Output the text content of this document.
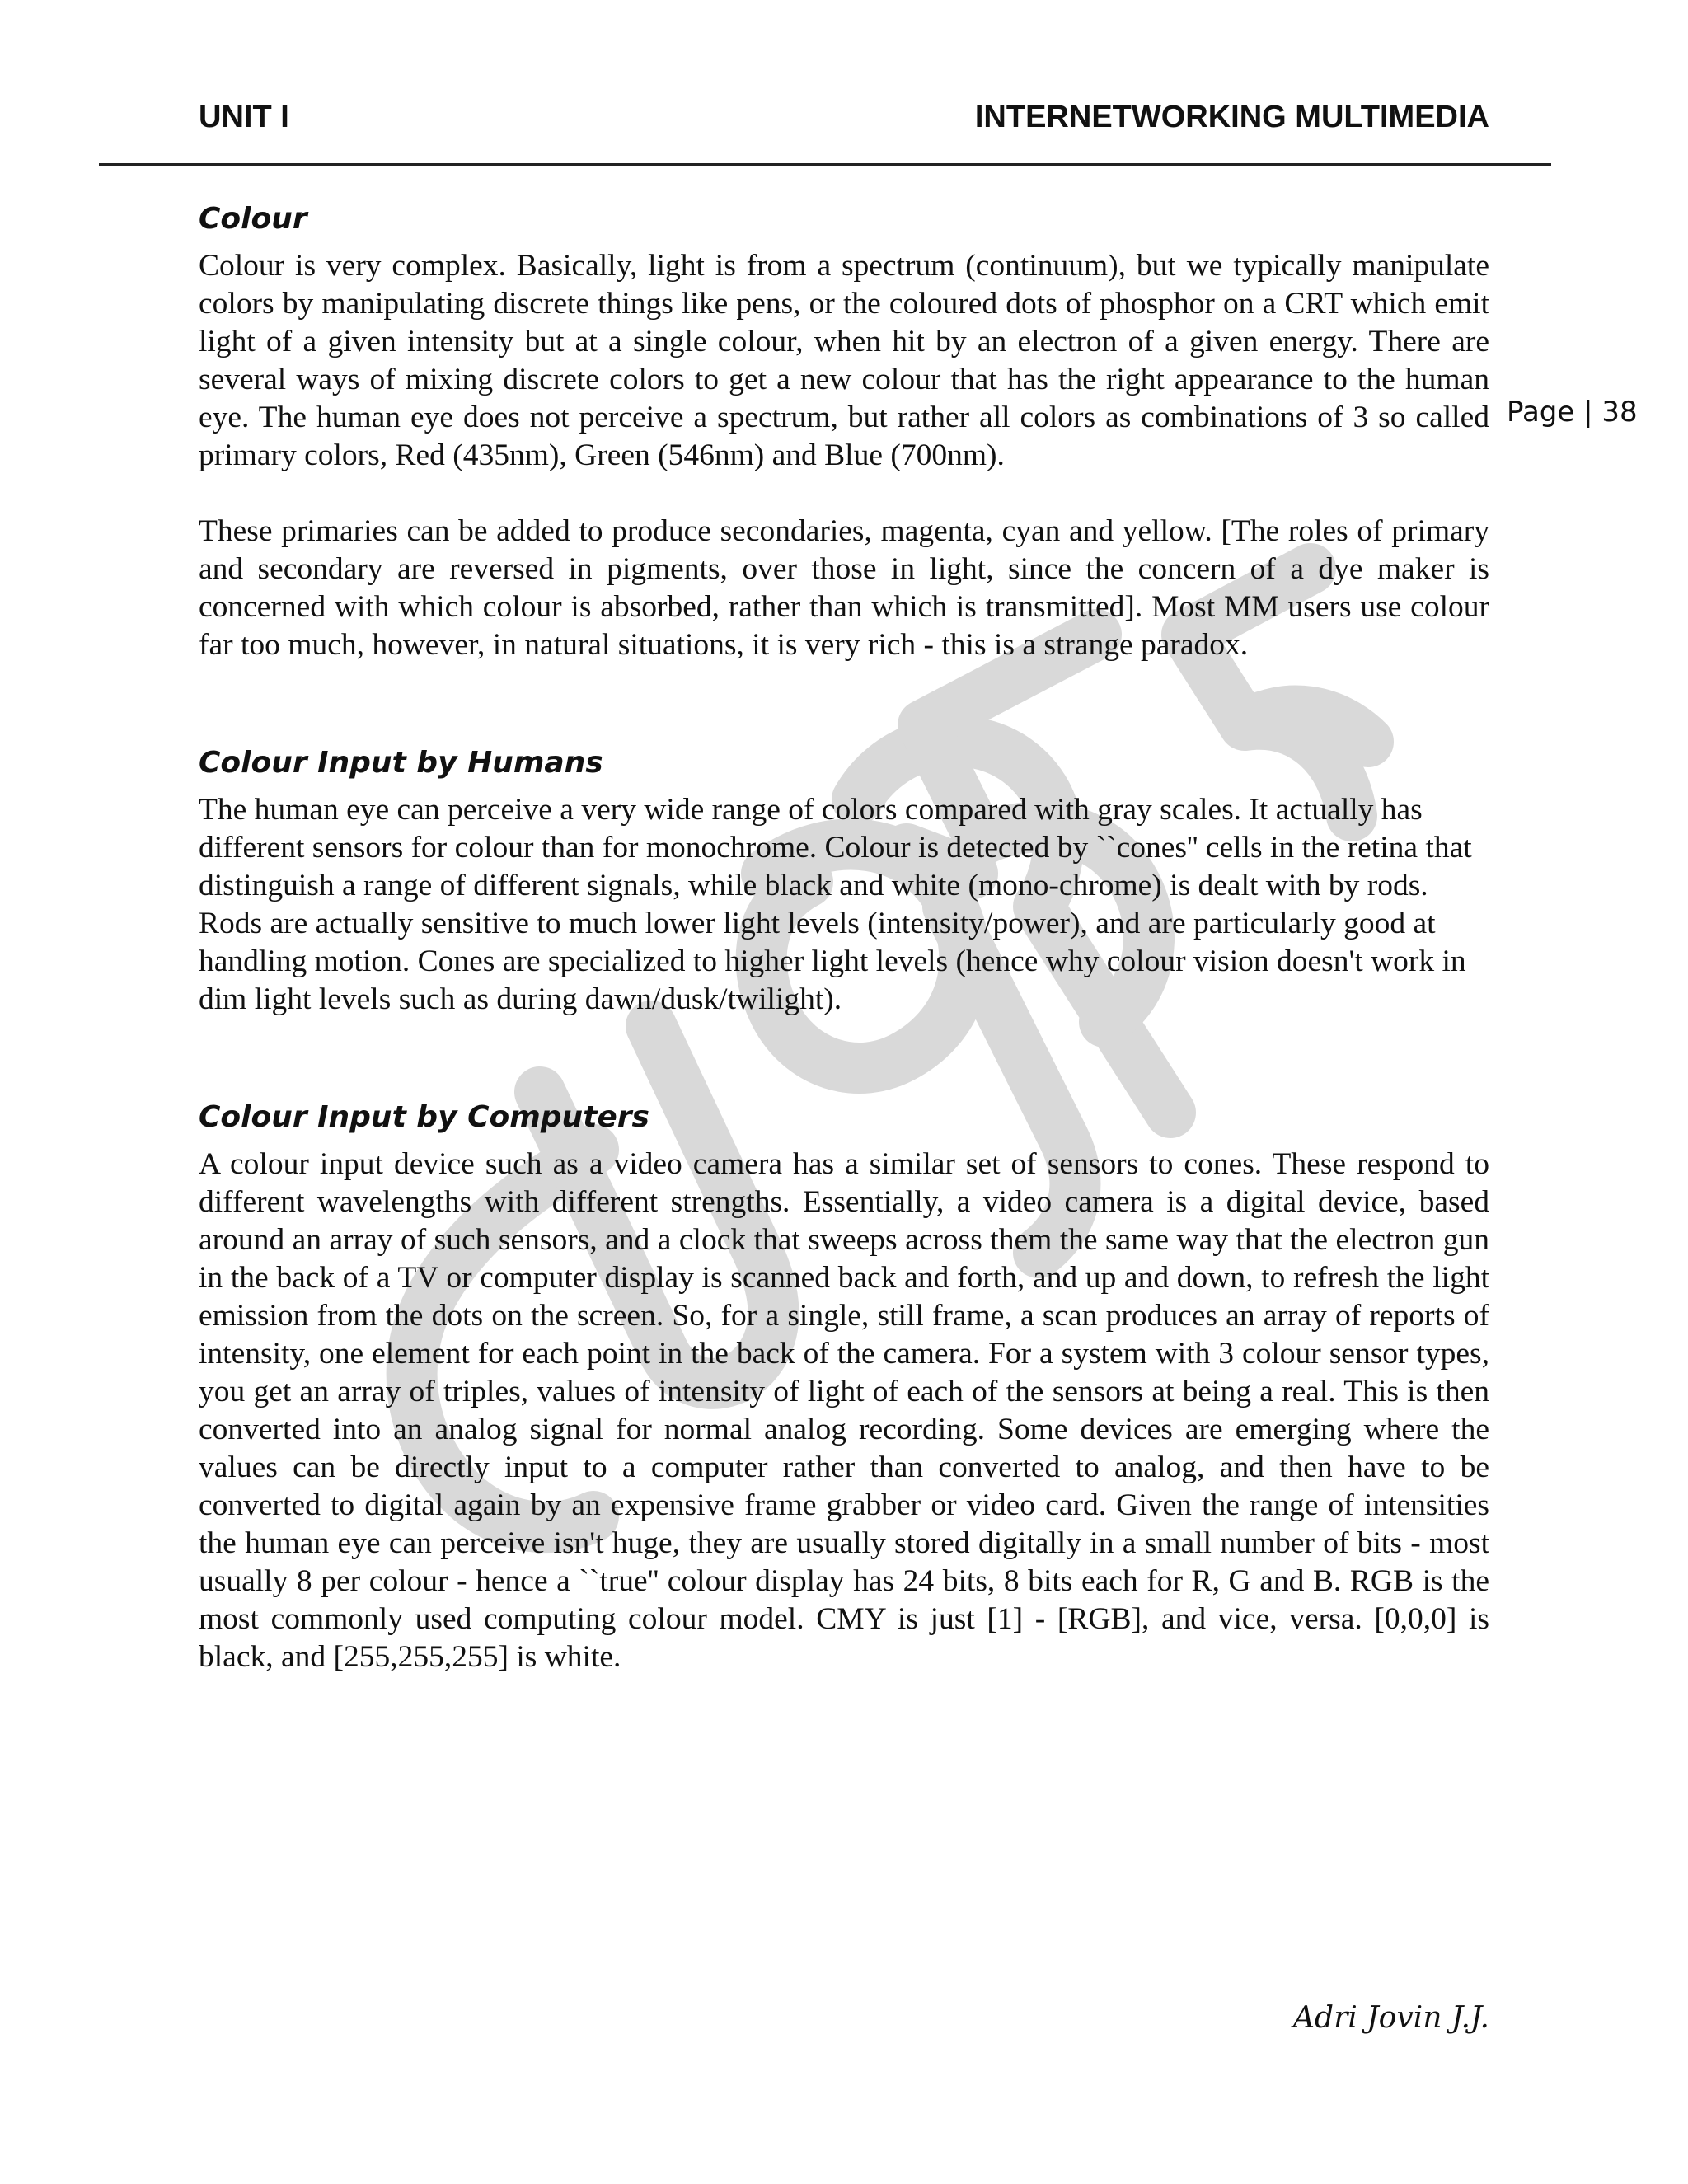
UNIT I	INTERNETWORKING MULTIMEDIA
Page | 38
Colour

Colour is very complex. Basically, light is from a spectrum (continuum), but we typically manipulate colors by manipulating discrete things like pens, or the coloured dots of phosphor on a CRT which emit light of a given intensity but at a single colour, when hit by an electron of a given energy. There are several ways of mixing discrete colors to get a new colour that has the right appearance to the human eye. The human eye does not perceive a spectrum, but rather all colors as combinations of 3 so called primary colors, Red (435nm), Green (546nm) and Blue (700nm).

These primaries can be added to produce secondaries, magenta, cyan and yellow. [The roles of primary and secondary are reversed in pigments, over those in light, since the concern of a dye maker is concerned with which colour is absorbed, rather than which is transmitted]. Most MM users use colour far too much, however, in natural situations, it is very rich - this is a strange paradox.

Colour Input by Humans

The human eye can perceive a very wide range of colors compared with gray scales. It actually has different sensors for colour than for monochrome. Colour is detected by ``cones'' cells in the retina that distinguish a range of different signals, while black and white (mono-chrome) is dealt with by rods. Rods are actually sensitive to much lower light levels (intensity/power), and are particularly good at handling motion. Cones are specialized to higher light levels (hence why colour vision doesn't work in dim light levels such as during dawn/dusk/twilight).

Colour Input by Computers

A colour input device such as a video camera has a similar set of sensors to cones. These respond to different wavelengths with different strengths. Essentially, a video camera is a digital device, based around an array of such sensors, and a clock that sweeps across them the same way that the electron gun in the back of a TV or computer display is scanned back and forth, and up and down, to refresh the light emission from the dots on the screen. So, for a single, still frame, a scan produces an array of reports of intensity, one element for each point in the back of the camera. For a system with 3 colour sensor types, you get an array of triples, values of intensity of light of each of the sensors at being a real. This is then converted into an analog signal for normal analog recording. Some devices are emerging where the values can be directly input to a computer rather than converted to analog, and then have to be converted to digital again by an expensive frame grabber or video card. Given the range of intensities the human eye can perceive isn't huge, they are usually stored digitally in a small number of bits - most usually 8 per colour - hence a ``true'' colour display has 24 bits, 8 bits each for R, G and B. RGB is the most commonly used computing colour model. CMY is just [1] - [RGB], and vice, versa. [0,0,0] is black, and [255,255,255] is white.

Adri Jovin J.J.
